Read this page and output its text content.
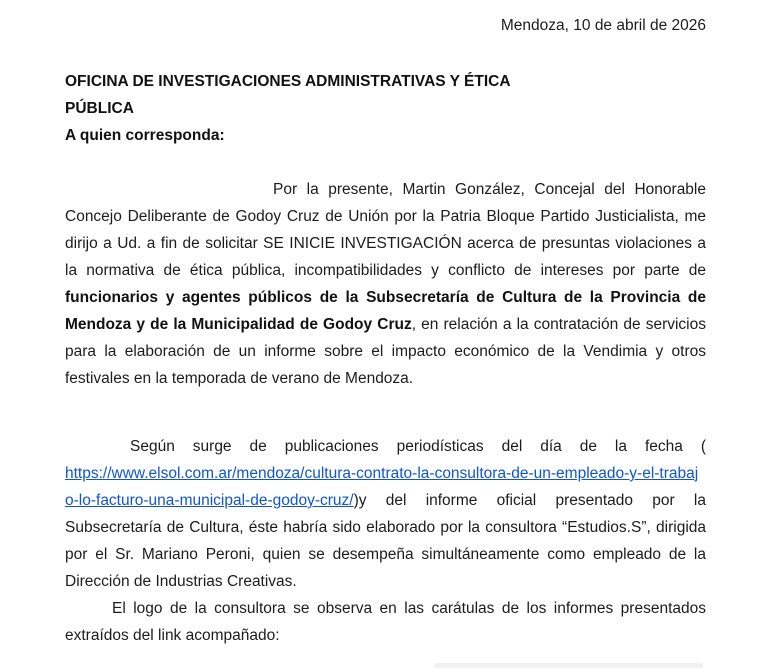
Mendoza, 10 de abril de 2026
OFICINA DE INVESTIGACIONES ADMINISTRATIVAS Y ÉTICA
PÚBLICA
A quien corresponda:
Por la presente, Martin González, Concejal del Honorable
Concejo Deliberante de Godoy Cruz de Unión por la Patria Bloque Partido Justicialista, me
dirijo a Ud. a fin de solicitar SE INICIE INVESTIGACIÓN acerca de presuntas violaciones a
la normativa de ética pública, incompatibilidades y conflicto de intereses por parte de
funcionarios y agentes públicos de la Subsecretaría de Cultura de la Provincia de
Mendoza y de la Municipalidad de Godoy Cruz, en relación a la contratación de servicios
para la elaboración de un informe sobre el impacto económico de la Vendimia y otros
festivales en la temporada de verano de Mendoza.
Según surge de publicaciones periodísticas del día de la fecha (
https://www.elsol.com.ar/mendoza/cultura-contrato-la-consultora-de-un-empleado-y-el-trabaj
o-lo-facturo-una-municipal-de-godoy-cruz/)y del informe oficial presentado por la
Subsecretaría de Cultura, éste habría sido elaborado por la consultora “Estudios.S”, dirigida
por el Sr. Mariano Peroni, quien se desempeña simultáneamente como empleado de la
Dirección de Industrias Creativas.
El logo de la consultora se observa en las carátulas de los informes presentados
extraídos del link acompañado:
